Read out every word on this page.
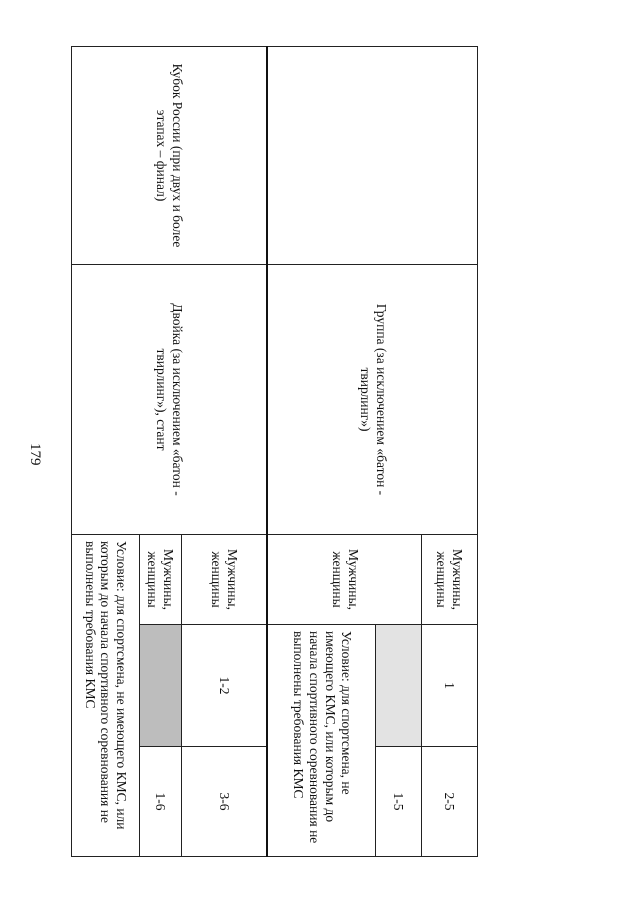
179
		Группа (за исключением «батон - твирлинг»)	Мужчины, женщины	1	2-5
		Мужчины, женщины		1-5
			Условие: для спортсмена, не имеющего КМС, или которым до начала спортивного соревнования не выполнены требования КМС	
Кубок России (при двух и более этапах – финал)	Двойка (за исключением «батон - твирлинг»), стант	Мужчины, женщины	1-2	3-6
		Мужчины, женщины		1-6
		Условие: для спортсмена, не имеющего КМС, или которым до начала спортивного соревнования не выполнены требования КМС		
